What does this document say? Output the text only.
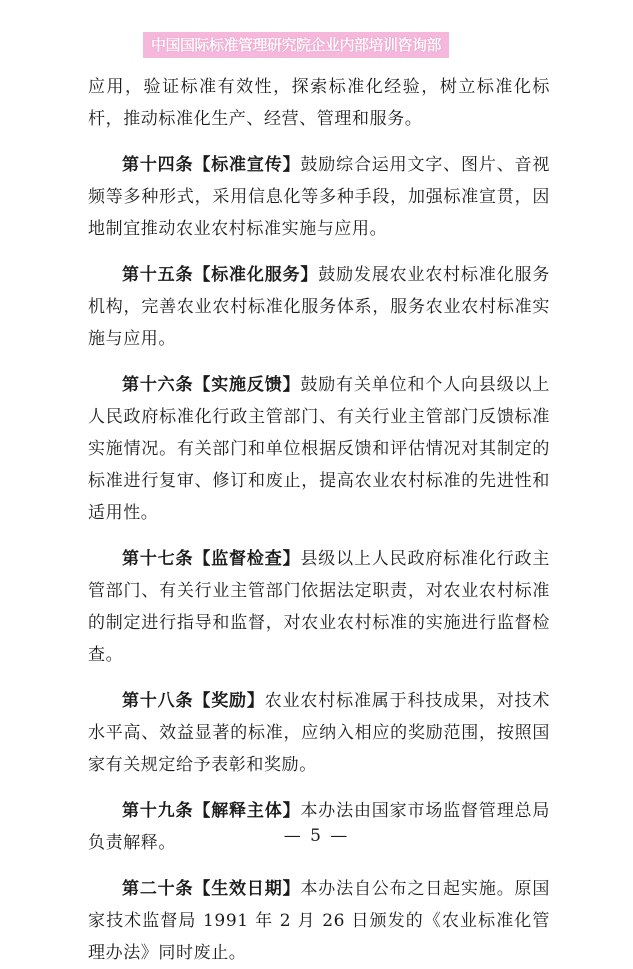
中国国际标准管理研究院企业内部培训咨询部

应用，验证标准有效性，探索标准化经验，树立标准化标杆，推动标准化生产、经营、管理和服务。

第十四条【标准宣传】鼓励综合运用文字、图片、音视频等多种形式，采用信息化等多种手段，加强标准宣贯，因地制宜推动农业农村标准实施与应用。

第十五条【标准化服务】鼓励发展农业农村标准化服务机构，完善农业农村标准化服务体系，服务农业农村标准实施与应用。

第十六条【实施反馈】鼓励有关单位和个人向县级以上人民政府标准化行政主管部门、有关行业主管部门反馈标准实施情况。有关部门和单位根据反馈和评估情况对其制定的标准进行复审、修订和废止，提高农业农村标准的先进性和适用性。

第十七条【监督检查】县级以上人民政府标准化行政主管部门、有关行业主管部门依据法定职责，对农业农村标准的制定进行指导和监督，对农业农村标准的实施进行监督检查。

第十八条【奖励】农业农村标准属于科技成果，对技术水平高、效益显著的标准，应纳入相应的奖励范围，按照国家有关规定给予表彰和奖励。

第十九条【解释主体】本办法由国家市场监督管理总局负责解释。

第二十条【生效日期】本办法自公布之日起实施。原国家技术监督局 1991 年 2 月 26 日颁发的《农业标准化管理办法》同时废止。

— 5 —
